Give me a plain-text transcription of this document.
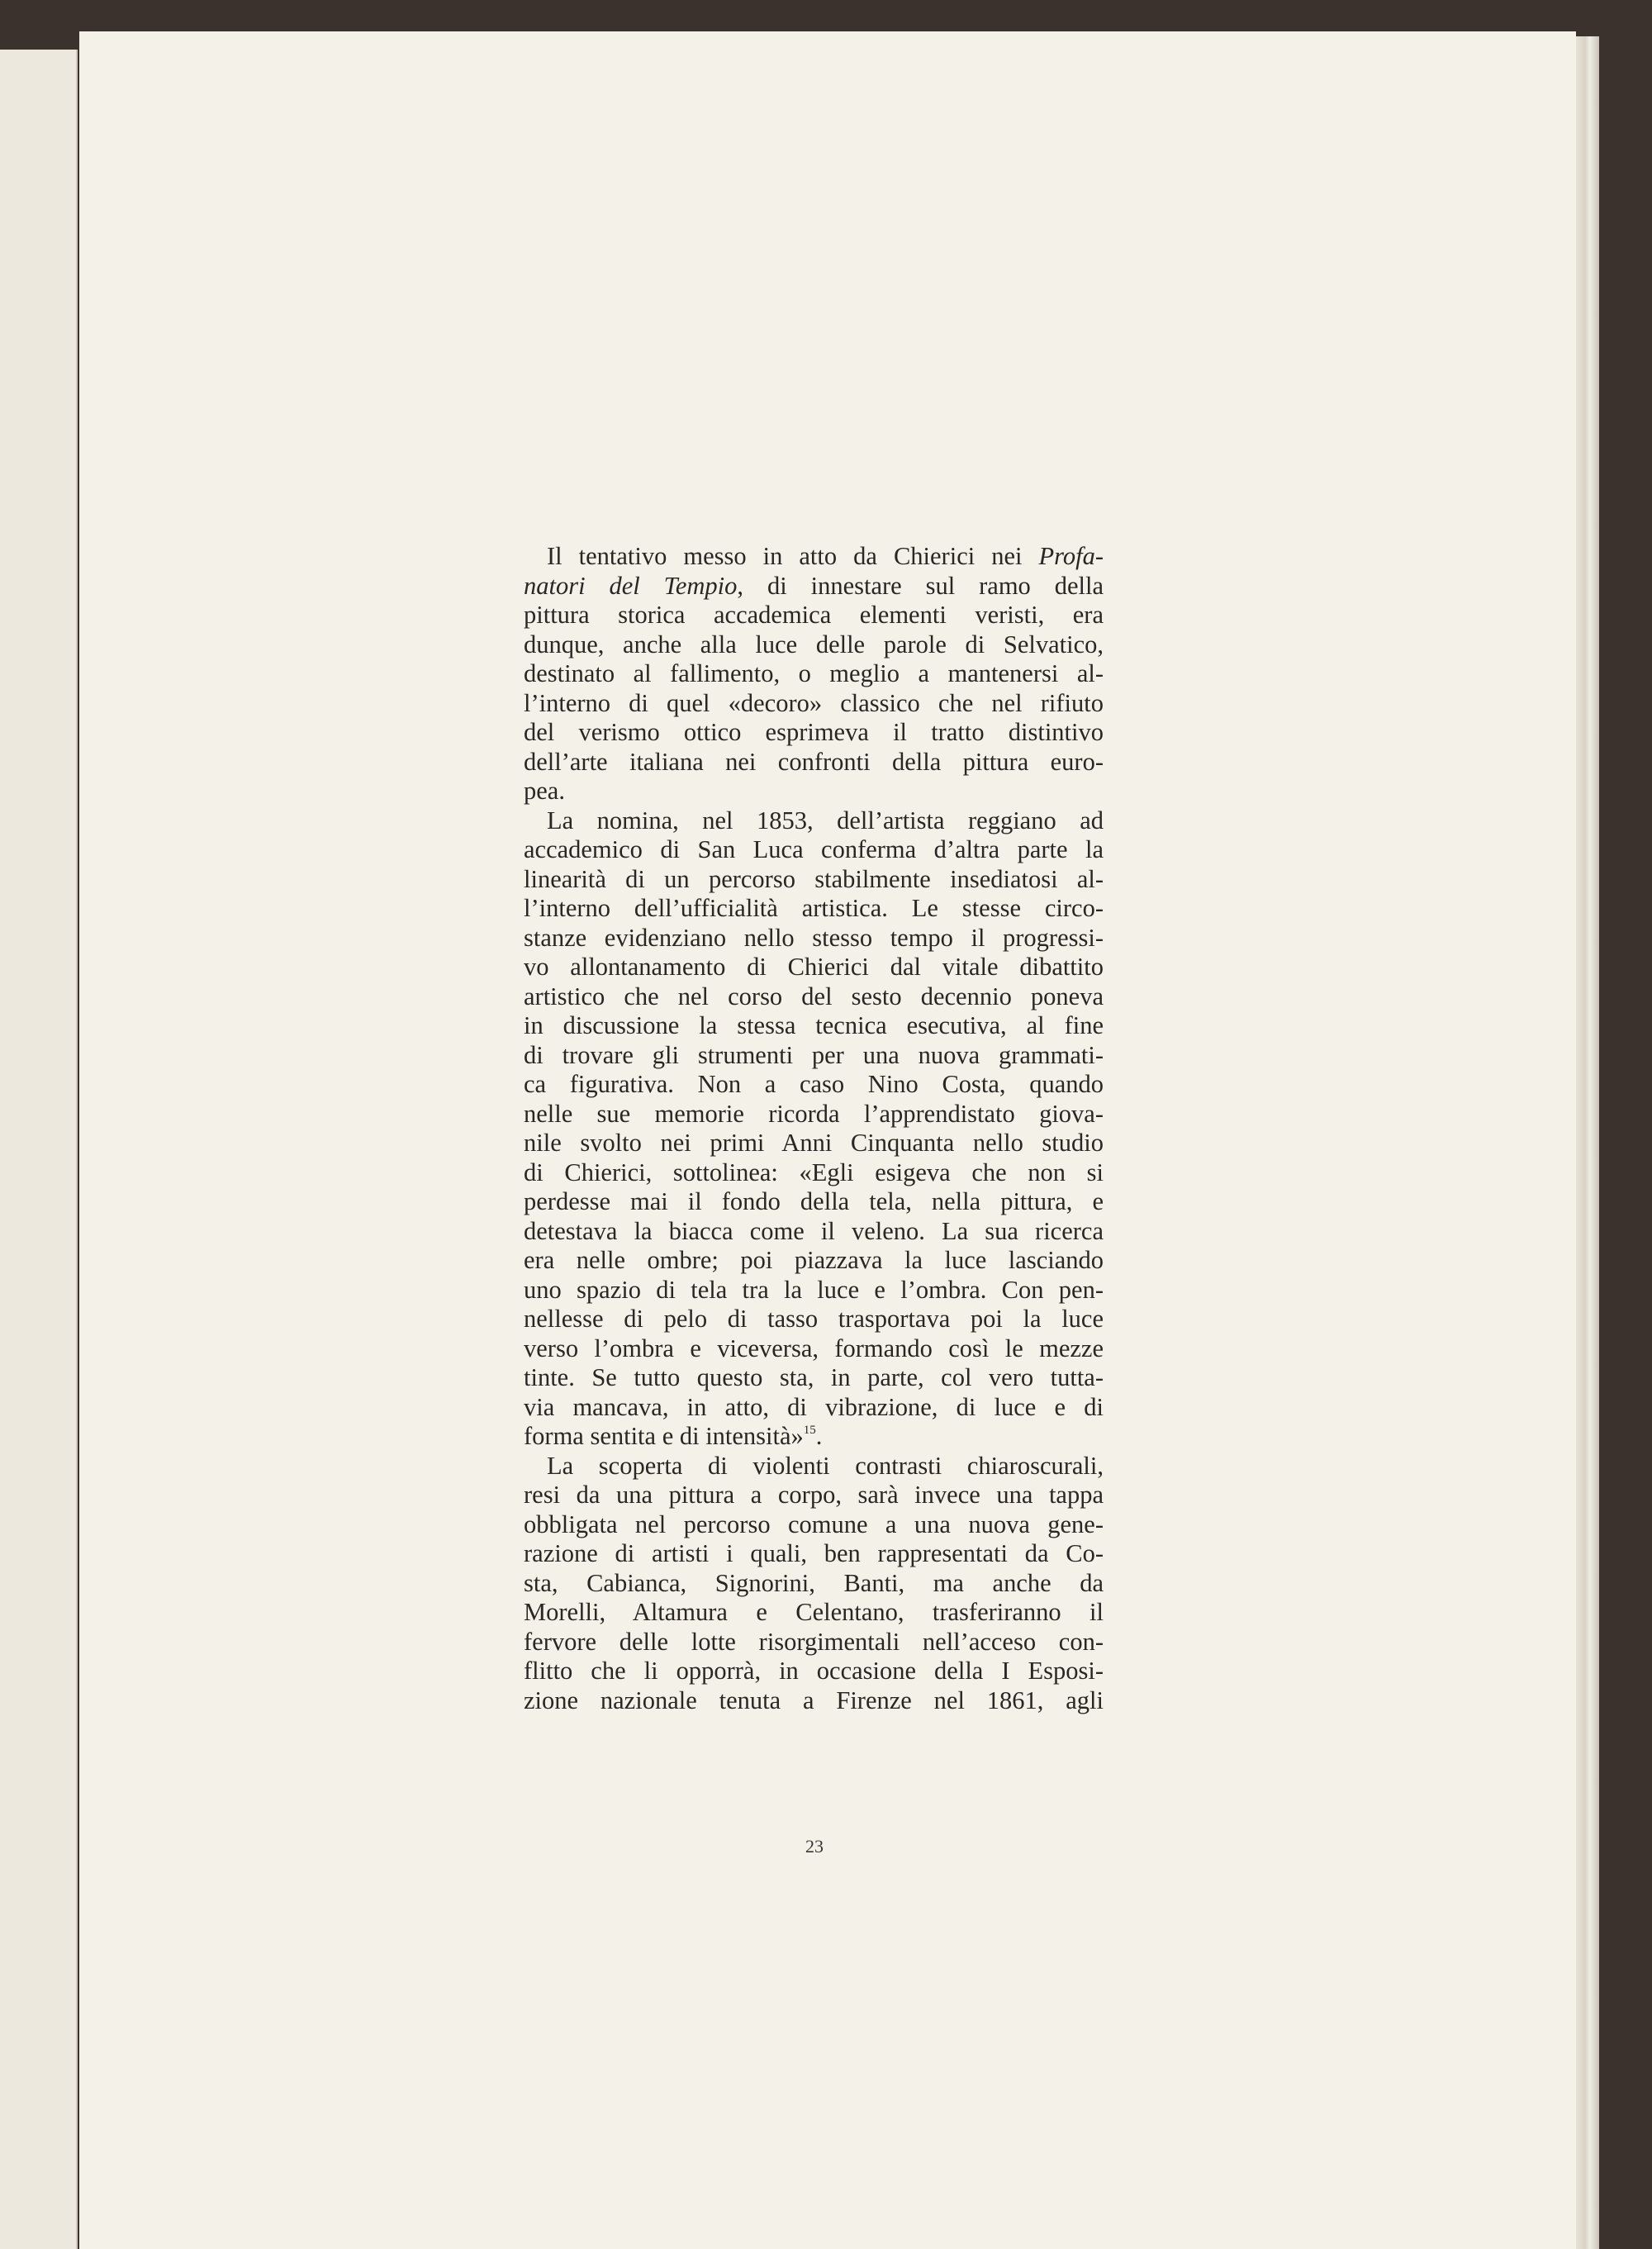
Il tentativo messo in atto da Chierici nei Profa-
natori del Tempio, di innestare sul ramo della
pittura storica accademica elementi veristi, era
dunque, anche alla luce delle parole di Selvatico,
destinato al fallimento, o meglio a mantenersi al-
l’interno di quel «decoro» classico che nel rifiuto
del verismo ottico esprimeva il tratto distintivo
dell’arte italiana nei confronti della pittura euro-
pea.
La nomina, nel 1853, dell’artista reggiano ad
accademico di San Luca conferma d’altra parte la
linearità di un percorso stabilmente insediatosi al-
l’interno dell’ufficialità artistica. Le stesse circo-
stanze evidenziano nello stesso tempo il progressi-
vo allontanamento di Chierici dal vitale dibattito
artistico che nel corso del sesto decennio poneva
in discussione la stessa tecnica esecutiva, al fine
di trovare gli strumenti per una nuova grammati-
ca figurativa. Non a caso Nino Costa, quando
nelle sue memorie ricorda l’apprendistato giova-
nile svolto nei primi Anni Cinquanta nello studio
di Chierici, sottolinea: «Egli esigeva che non si
perdesse mai il fondo della tela, nella pittura, e
detestava la biacca come il veleno. La sua ricerca
era nelle ombre; poi piazzava la luce lasciando
uno spazio di tela tra la luce e l’ombra. Con pen-
nellesse di pelo di tasso trasportava poi la luce
verso l’ombra e viceversa, formando così le mezze
tinte. Se tutto questo sta, in parte, col vero tutta-
via mancava, in atto, di vibrazione, di luce e di
forma sentita e di intensità»$^{15}$.
La scoperta di violenti contrasti chiaroscurali,
resi da una pittura a corpo, sarà invece una tappa
obbligata nel percorso comune a una nuova gene-
razione di artisti i quali, ben rappresentati da Co-
sta, Cabianca, Signorini, Banti, ma anche da
Morelli, Altamura e Celentano, trasferiranno il
fervore delle lotte risorgimentali nell’acceso con-
flitto che li opporrà, in occasione della I Esposi-
zione nazionale tenuta a Firenze nel 1861, agli
23
